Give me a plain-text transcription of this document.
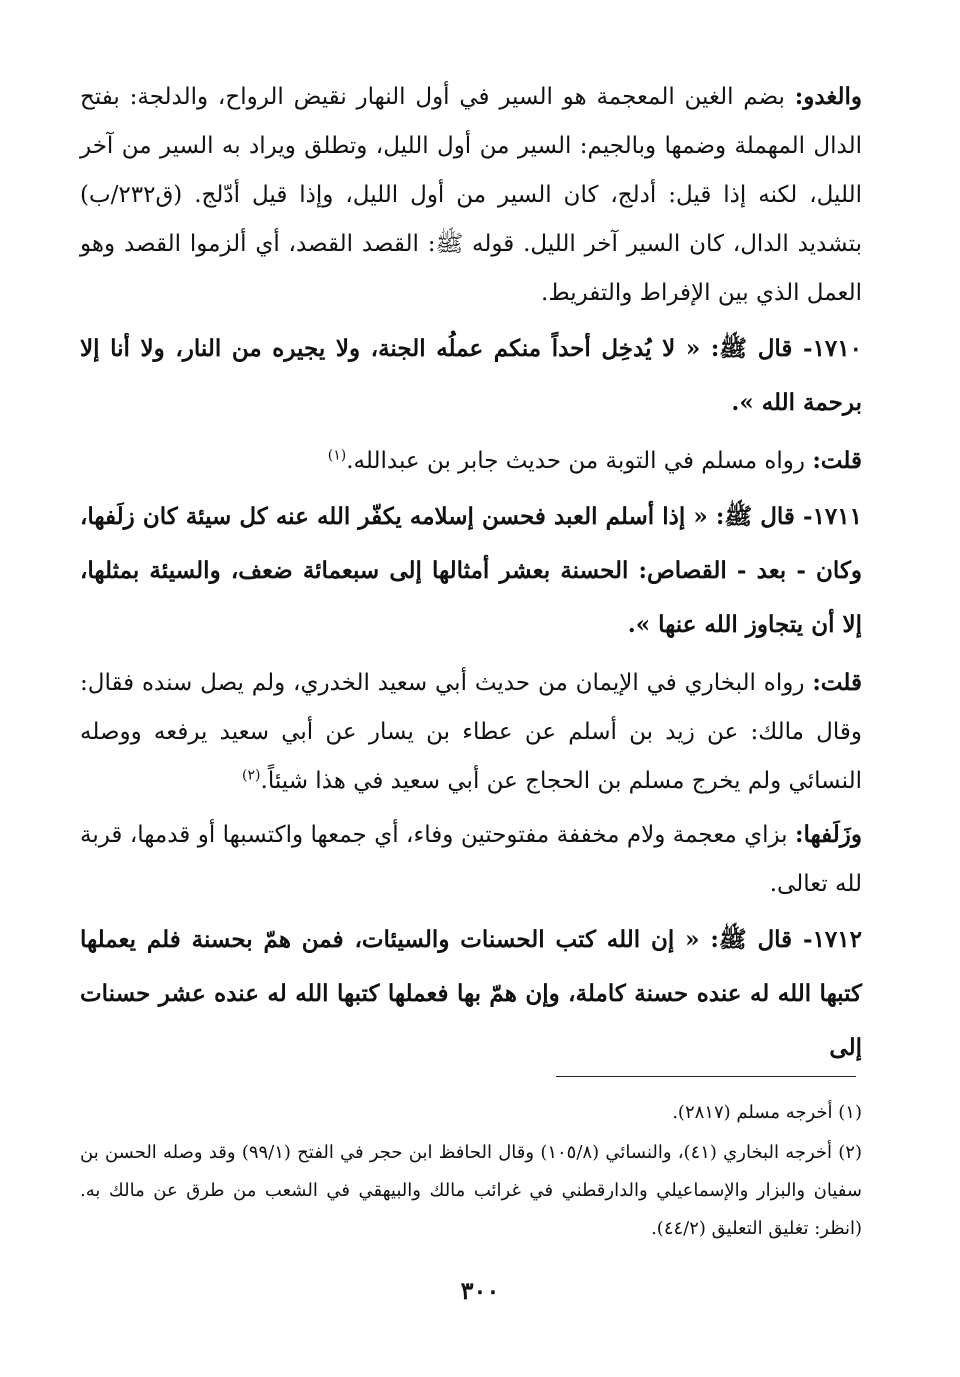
والغدو: بضم الغين المعجمة هو السير في أول النهار نقيض الرواح، والدلجة: بفتح الدال المهملة وضمها وبالجيم: السير من أول الليل، وتطلق ويراد به السير من آخر الليل، لكنه إذا قيل: أدلج، كان السير من أول الليل، وإذا قيل أدّلج. (ق٢٣٢/ب) بتشديد الدال، كان السير آخر الليل. قوله ﷺ: القصد القصد، أي ألزموا القصد وهو العمل الذي بين الإفراط والتفريط.

١٧١٠- قال ﷺ: « لا يُدخِل أحداً منكم عملُه الجنة، ولا يجيره من النار، ولا أنا إلا برحمة الله ».

قلت: رواه مسلم في التوبة من حديث جابر بن عبدالله.$^{(١)}$

١٧١١- قال ﷺ: « إذا أسلم العبد فحسن إسلامه يكفّر الله عنه كل سيئة كان زلَفها، وكان - بعد - القصاص: الحسنة بعشر أمثالها إلى سبعمائة ضعف، والسيئة بمثلها، إلا أن يتجاوز الله عنها ».

قلت: رواه البخاري في الإيمان من حديث أبي سعيد الخدري، ولم يصل سنده فقال: وقال مالك: عن زيد بن أسلم عن عطاء بن يسار عن أبي سعيد يرفعه ووصله النسائي ولم يخرج مسلم بن الحجاج عن أبي سعيد في هذا شيئاً.$^{(٢)}$

وزَلَفها: بزاي معجمة ولام مخففة مفتوحتين وفاء، أي جمعها واكتسبها أو قدمها، قربة لله تعالى.

١٧١٢- قال ﷺ: « إن الله كتب الحسنات والسيئات، فمن همّ بحسنة فلم يعملها كتبها الله له عنده حسنة كاملة، وإن همّ بها فعملها كتبها الله له عنده عشر حسنات إلى

(١) أخرجه مسلم (٢٨١٧).

(٢) أخرجه البخاري (٤١)، والنسائي (١٠٥/٨) وقال الحافظ ابن حجر في الفتح (٩٩/١) وقد وصله الحسن بن سفيان والبزار والإسماعيلي والدارقطني في غرائب مالك والبيهقي في الشعب من طرق عن مالك به. (انظر: تغليق التعليق (٤٤/٢).

٣٠٠
